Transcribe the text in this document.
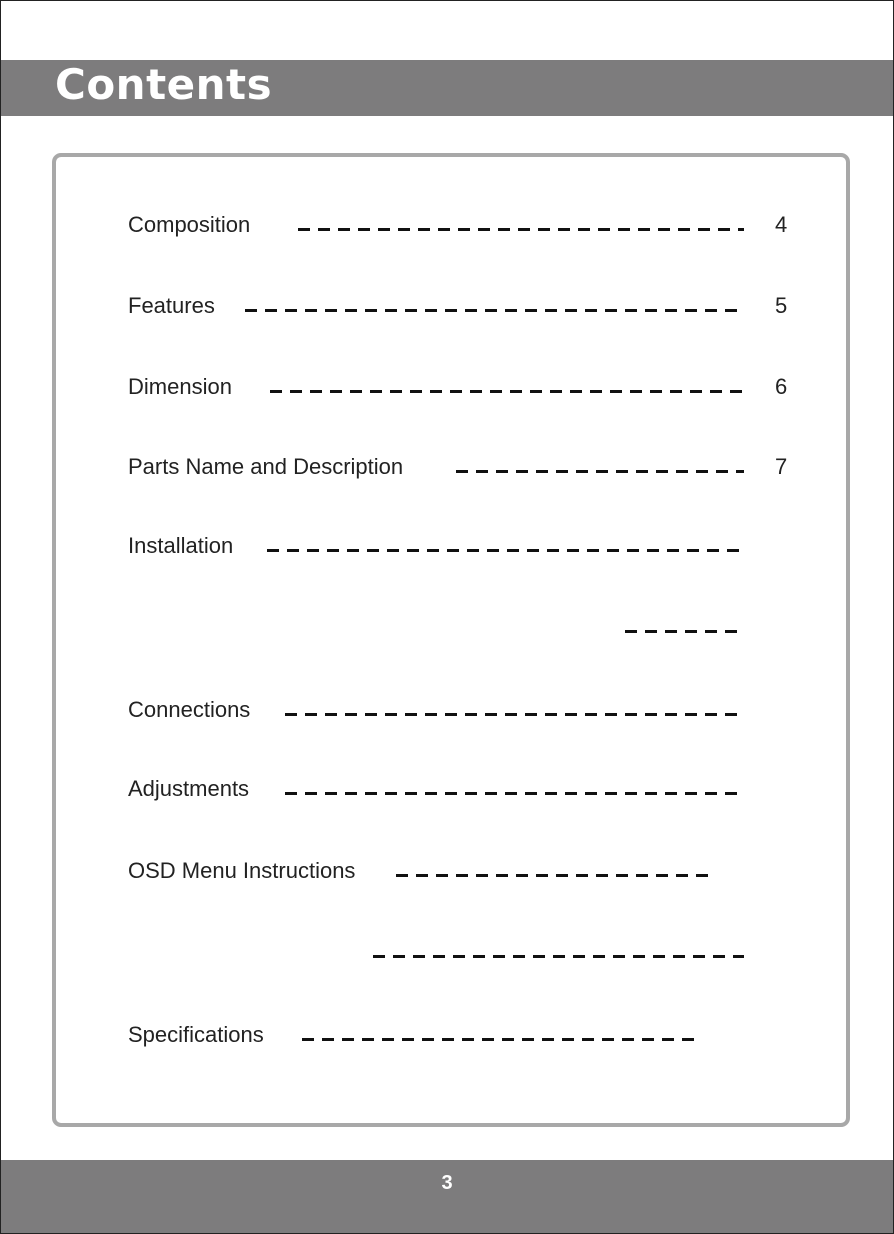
Contents
Composition	4
Features	5
Dimension	6
Parts Name and Description	7
Installation
Connections
Adjustments
OSD Menu Instructions
Specifications
3
